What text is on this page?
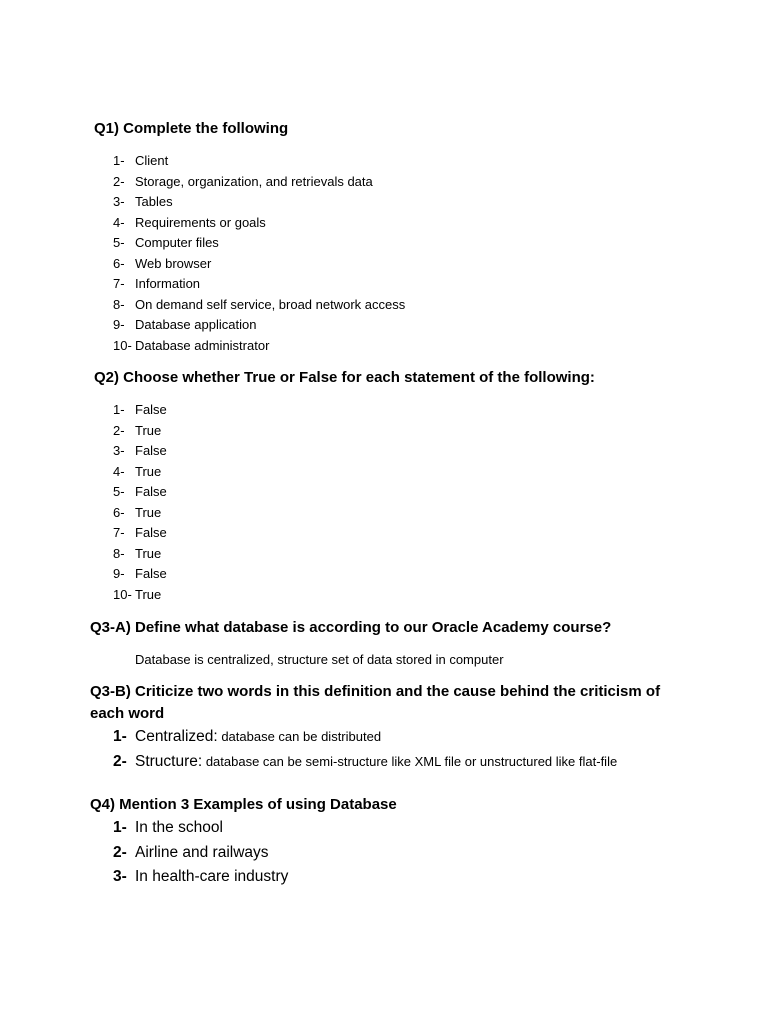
Q1) Complete the following
1- Client
2- Storage, organization, and retrievals data
3- Tables
4- Requirements or goals
5- Computer files
6- Web browser
7- Information
8- On demand self service, broad network access
9- Database application
10- Database administrator
Q2) Choose whether True or False for each statement of the following:
1- False
2- True
3- False
4- True
5- False
6- True
7- False
8- True
9- False
10- True
Q3-A) Define what database is according to our Oracle Academy course?

Database is centralized, structure set of data stored in computer

Q3-B) Criticize two words in this definition and the cause behind the criticism of
each word
1- Centralized: database can be distributed
2- Structure: database can be semi-structure like XML file or unstructured like flat-file
Q4) Mention 3 Examples of using Database
1- In the school
2- Airline and railways
3- In health-care industry
